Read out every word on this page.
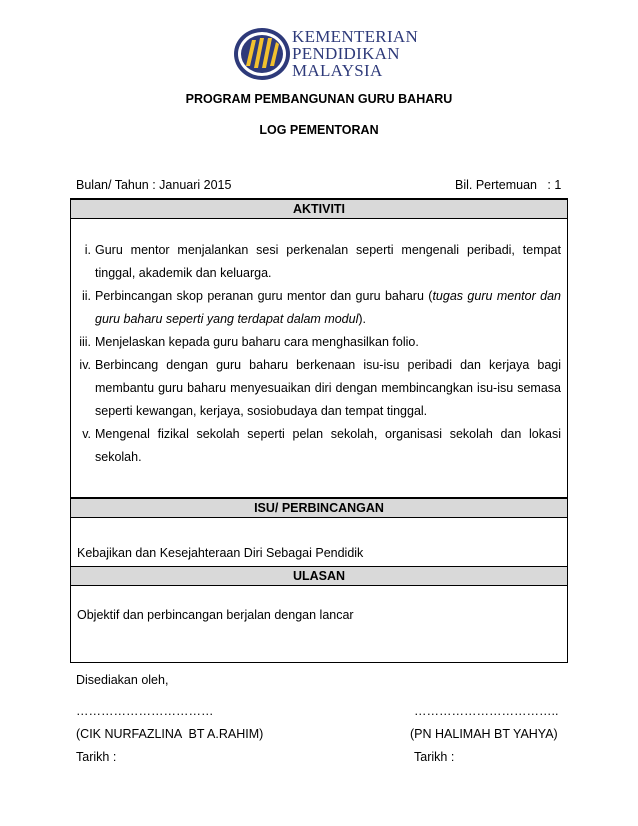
KEMENTERIAN
PENDIDIKAN
MALAYSIA
PROGRAM PEMBANGUNAN GURU BAHARU
LOG PEMENTORAN
Bulan/ Tahun : Januari 2015	Bil. Pertemuan   : 1
AKTIVITI

i. Guru mentor menjalankan sesi perkenalan seperti mengenali peribadi, tempat tinggal, akademik dan keluarga.
ii. Perbincangan skop peranan guru mentor dan guru baharu (tugas guru mentor dan guru baharu seperti yang terdapat dalam modul).
iii. Menjelaskan kepada guru baharu cara menghasilkan folio.
iv. Berbincang dengan guru baharu berkenaan isu-isu peribadi dan kerjaya bagi membantu guru baharu menyesuaikan diri dengan membincangkan isu-isu semasa seperti kewangan, kerjaya, sosiobudaya dan tempat tinggal.
v. Mengenal fizikal sekolah seperti pelan sekolah, organisasi sekolah dan lokasi sekolah.

ISU/ PERBINCANGAN

Kebajikan dan Kesejahteraan Diri Sebagai Pendidik

ULASAN

Objektif dan perbincangan berjalan dengan lancar
Disediakan oleh,
……………………………	……………………………..
(CIK NURFAZLINA  BT A.RAHIM)	(PN HALIMAH BT YAHYA)
Tarikh :	Tarikh :
